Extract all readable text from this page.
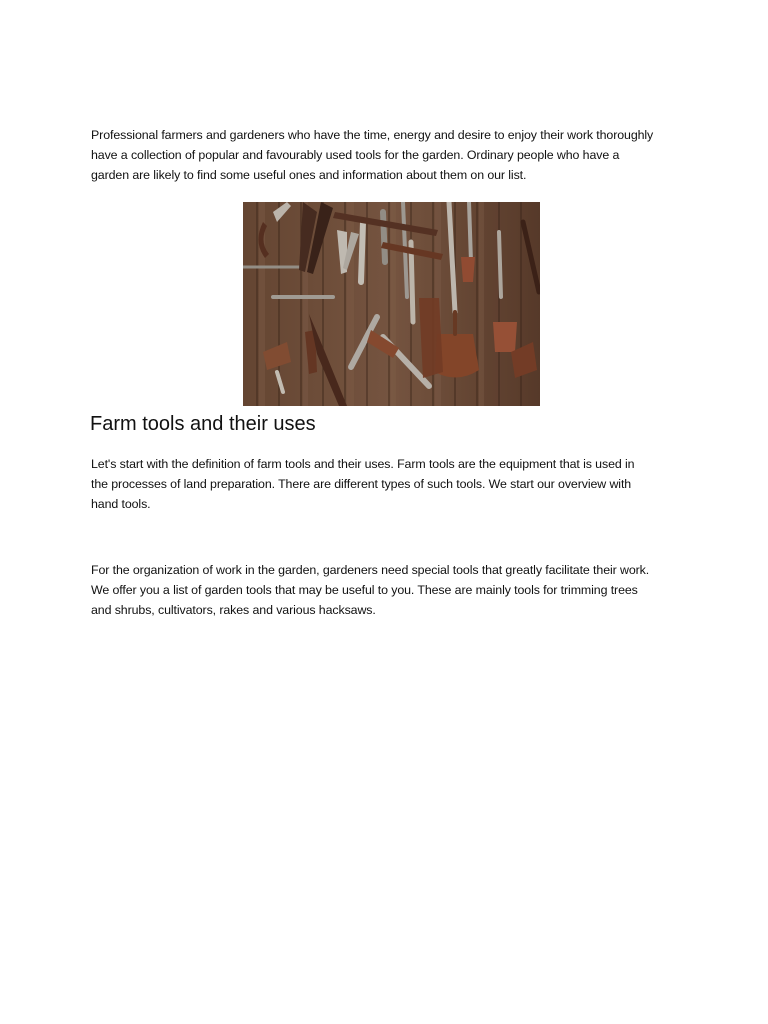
Professional farmers and gardeners who have the time, energy and desire to enjoy their work thoroughly
have a collection of popular and favourably used tools for the garden. Ordinary people who have a
garden are likely to find some useful ones and information about them on our list.

Farm tools and their uses

Let's start with the definition of farm tools and their uses. Farm tools are the equipment that is used in
the processes of land preparation. There are different types of such tools. We start our overview with
hand tools.

For the organization of work in the garden, gardeners need special tools that greatly facilitate their work.
We offer you a list of garden tools that may be useful to you. These are mainly tools for trimming trees
and shrubs, cultivators, rakes and various hacksaws.
